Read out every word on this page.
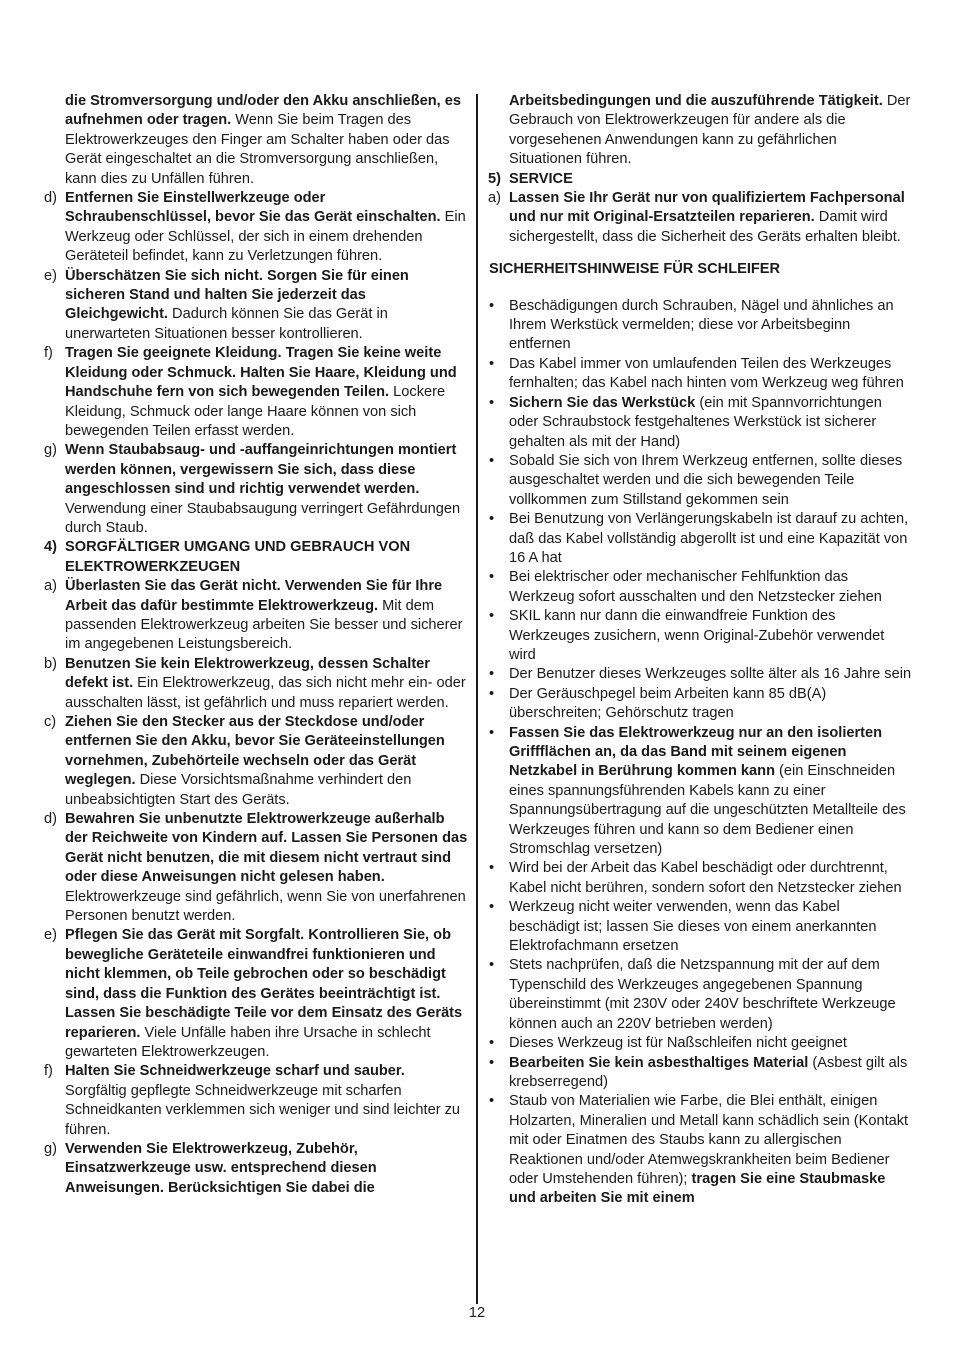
die Stromversorgung und/oder den Akku anschließen, es aufnehmen oder tragen. Wenn Sie beim Tragen des Elektrowerkzeuges den Finger am Schalter haben oder das Gerät eingeschaltet an die Stromversorgung anschließen, kann dies zu Unfällen führen.
d) Entfernen Sie Einstellwerkzeuge oder Schraubenschlüssel, bevor Sie das Gerät einschalten. Ein Werkzeug oder Schlüssel, der sich in einem drehenden Geräteteil befindet, kann zu Verletzungen führen.
e) Überschätzen Sie sich nicht. Sorgen Sie für einen sicheren Stand und halten Sie jederzeit das Gleichgewicht. Dadurch können Sie das Gerät in unerwarteten Situationen besser kontrollieren.
f) Tragen Sie geeignete Kleidung. Tragen Sie keine weite Kleidung oder Schmuck. Halten Sie Haare, Kleidung und Handschuhe fern von sich bewegenden Teilen. Lockere Kleidung, Schmuck oder lange Haare können von sich bewegenden Teilen erfasst werden.
g) Wenn Staubabsaug- und -auffangeinrichtungen montiert werden können, vergewissern Sie sich, dass diese angeschlossen sind und richtig verwendet werden. Verwendung einer Staubabsaugung verringert Gefährdungen durch Staub.
4) SORGFÄLTIGER UMGANG UND GEBRAUCH VON ELEKTROWERKZEUGEN
a) Überlasten Sie das Gerät nicht. Verwenden Sie für Ihre Arbeit das dafür bestimmte Elektrowerkzeug. Mit dem passenden Elektrowerkzeug arbeiten Sie besser und sicherer im angegebenen Leistungsbereich.
b) Benutzen Sie kein Elektrowerkzeug, dessen Schalter defekt ist. Ein Elektrowerkzeug, das sich nicht mehr ein- oder ausschalten lässt, ist gefährlich und muss repariert werden.
c) Ziehen Sie den Stecker aus der Steckdose und/oder entfernen Sie den Akku, bevor Sie Geräteeinstellungen vornehmen, Zubehörteile wechseln oder das Gerät weglegen. Diese Vorsichtsmaßnahme verhindert den unbeabsichtigten Start des Geräts.
d) Bewahren Sie unbenutzte Elektrowerkzeuge außerhalb der Reichweite von Kindern auf. Lassen Sie Personen das Gerät nicht benutzen, die mit diesem nicht vertraut sind oder diese Anweisungen nicht gelesen haben. Elektrowerkzeuge sind gefährlich, wenn Sie von unerfahrenen Personen benutzt werden.
e) Pflegen Sie das Gerät mit Sorgfalt. Kontrollieren Sie, ob bewegliche Geräteteile einwandfrei funktionieren und nicht klemmen, ob Teile gebrochen oder so beschädigt sind, dass die Funktion des Gerätes beeinträchtigt ist. Lassen Sie beschädigte Teile vor dem Einsatz des Geräts reparieren. Viele Unfälle haben ihre Ursache in schlecht gewarteten Elektrowerkzeugen.
f) Halten Sie Schneidwerkzeuge scharf und sauber. Sorgfältig gepflegte Schneidwerkzeuge mit scharfen Schneidkanten verklemmen sich weniger und sind leichter zu führen.
g) Verwenden Sie Elektrowerkzeug, Zubehör, Einsatzwerkzeuge usw. entsprechend diesen Anweisungen. Berücksichtigen Sie dabei die
Arbeitsbedingungen und die auszuführende Tätigkeit. Der Gebrauch von Elektrowerkzeugen für andere als die vorgesehenen Anwendungen kann zu gefährlichen Situationen führen.
5) SERVICE
a) Lassen Sie Ihr Gerät nur von qualifiziertem Fachpersonal und nur mit Original-Ersatzteilen reparieren. Damit wird sichergestellt, dass die Sicherheit des Geräts erhalten bleibt.
SICHERHEITSHINWEISE FÜR SCHLEIFER
• Beschädigungen durch Schrauben, Nägel und ähnliches an Ihrem Werkstück vermelden; diese vor Arbeitsbeginn entfernen
• Das Kabel immer von umlaufenden Teilen des Werkzeuges fernhalten; das Kabel nach hinten vom Werkzeug weg führen
• Sichern Sie das Werkstück (ein mit Spannvorrichtungen oder Schraubstock festgehaltenes Werkstück ist sicherer gehalten als mit der Hand)
• Sobald Sie sich von Ihrem Werkzeug entfernen, sollte dieses ausgeschaltet werden und die sich bewegenden Teile vollkommen zum Stillstand gekommen sein
• Bei Benutzung von Verlängerungskabeln ist darauf zu achten, daß das Kabel vollständig abgerollt ist und eine Kapazität von 16 A hat
• Bei elektrischer oder mechanischer Fehlfunktion das Werkzeug sofort ausschalten und den Netzstecker ziehen
• SKIL kann nur dann die einwandfreie Funktion des Werkzeuges zusichern, wenn Original-Zubehör verwendet wird
• Der Benutzer dieses Werkzeuges sollte älter als 16 Jahre sein
• Der Geräuschpegel beim Arbeiten kann 85 dB(A) überschreiten; Gehörschutz tragen
• Fassen Sie das Elektrowerkzeug nur an den isolierten Griffflächen an, da das Band mit seinem eigenen Netzkabel in Berührung kommen kann (ein Einschneiden eines spannungsführenden Kabels kann zu einer Spannungsübertragung auf die ungeschützten Metallteile des Werkzeuges führen und kann so dem Bediener einen Stromschlag versetzen)
• Wird bei der Arbeit das Kabel beschädigt oder durchtrennt, Kabel nicht berühren, sondern sofort den Netzstecker ziehen
• Werkzeug nicht weiter verwenden, wenn das Kabel beschädigt ist; lassen Sie dieses von einem anerkannten Elektrofachmann ersetzen
• Stets nachprüfen, daß die Netzspannung mit der auf dem Typenschild des Werkzeuges angegebenen Spannung übereinstimmt (mit 230V oder 240V beschriftete Werkzeuge können auch an 220V betrieben werden)
• Dieses Werkzeug ist für Naßschleifen nicht geeignet
• Bearbeiten Sie kein asbesthaltiges Material (Asbest gilt als krebserregend)
• Staub von Materialien wie Farbe, die Blei enthält, einigen Holzarten, Mineralien und Metall kann schädlich sein (Kontakt mit oder Einatmen des Staubs kann zu allergischen Reaktionen und/oder Atemwegskrankheiten beim Bediener oder Umstehenden führen); tragen Sie eine Staubmaske und arbeiten Sie mit einem
12
